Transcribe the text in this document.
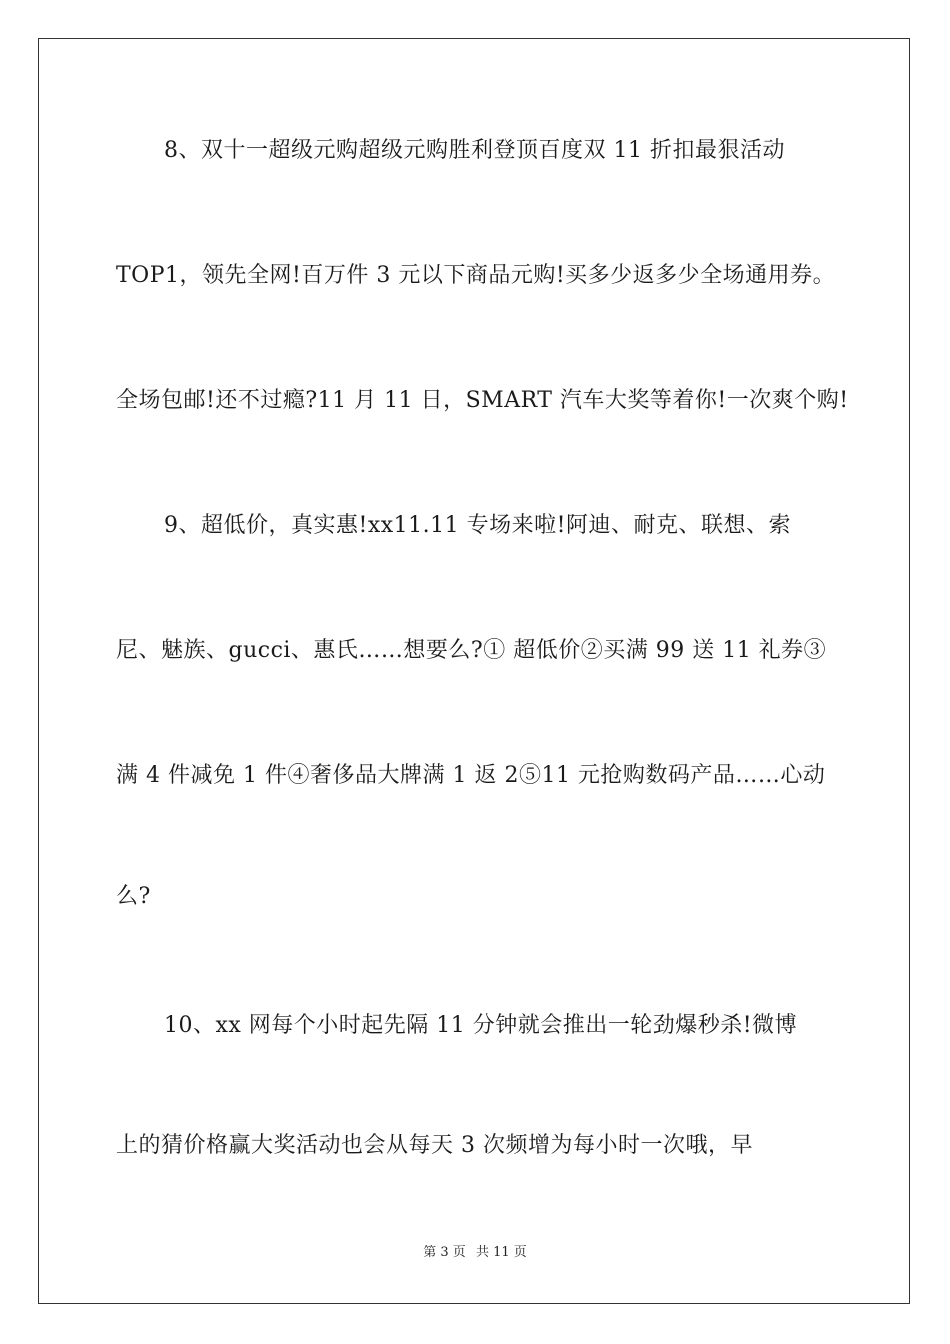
8、双十一超级元购超级元购胜利登顶百度双 11 折扣最狠活动
TOP1，领先全网!百万件 3 元以下商品元购!买多少返多少全场通用券。
全场包邮!还不过瘾?11 月 11 日，SMART 汽车大奖等着你!一次爽个购!
9、超低价，真实惠!xx11.11 专场来啦!阿迪、耐克、联想、索
尼、魅族、gucci、惠氏……想要么?① 超低价②买满 99 送 11 礼券③
满 4 件减免 1 件④奢侈品大牌满 1 返 2⑤11 元抢购数码产品……心动
么?
10、xx 网每个小时起先隔 11 分钟就会推出一轮劲爆秒杀!微博
上的猜价格赢大奖活动也会从每天 3 次频增为每小时一次哦，早
第 3 页 共 11 页
